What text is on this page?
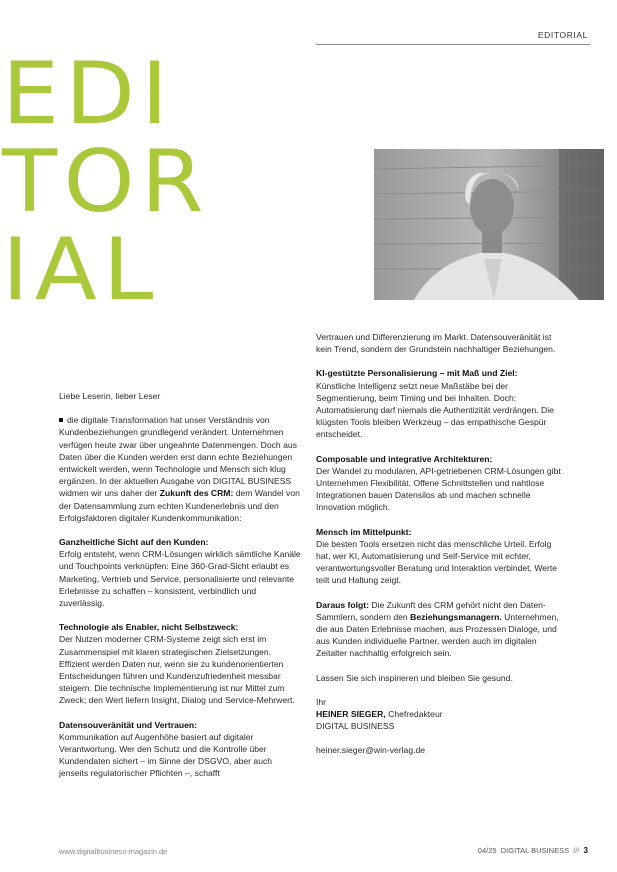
EDITORIAL
EDI
TOR
IAL

Liebe Leserin, lieber Leser

die digitale Transformation hat unser Verständnis von Kundenbeziehungen grundlegend verändert. Unternehmen verfügen heute zwar über ungeahnte Datenmengen. Doch aus Daten über die Kunden werden erst dann echte Beziehungen entwickelt werden, wenn Technologie und Mensch sich klug ergänzen. In der aktuellen Ausgabe von DIGITAL BUSINESS widmen wir uns daher der Zukunft des CRM: dem Wandel von der Datensammlung zum echten Kundenerlebnis und den Erfolgsfaktoren digitaler Kundenkommunikation:

Ganzheitliche Sicht auf den Kunden:

Erfolg entsteht, wenn CRM-Lösungen wirklich sämtliche Kanäle und Touchpoints verknüpfen: Eine 360-Grad-Sicht erlaubt es Marketing, Vertrieb und Service, personalisierte und relevante Erlebnisse zu schaffen – konsistent, verbindlich und zuverlässig.

Technologie als Enabler, nicht Selbstzweck:

Der Nutzen moderner CRM-Systeme zeigt sich erst im Zusammenspiel mit klaren strategischen Zielsetzungen. Effizient werden Daten nur, wenn sie zu kundenorientierten Entscheidungen führen und Kundenzufriedenheit messbar steigern. Die technische Implementierung ist nur Mittel zum Zweck; den Wert liefern Insight, Dialog und Service-Mehrwert.

Datensouveränität und Vertrauen:

Kommunikation auf Augenhöhe basiert auf digitaler Verantwortung. Wer den Schutz und die Kontrolle über Kundendaten sichert – im Sinne der DSGVO, aber auch jenseits regulatorischer Pflichten –, schafft

Vertrauen und Differenzierung im Markt. Datensouveränität ist kein Trend, sondern der Grundstein nachhaltiger Beziehungen.

KI-gestützte Personalisierung – mit Maß und Ziel:

Künstliche Intelligenz setzt neue Maßstäbe bei der Segmentierung, beim Timing und bei Inhalten. Doch: Automatisierung darf niemals die Authentizität verdrängen. Die klügsten Tools bleiben Werkzeug – das empathische Gespür entscheidet.

Composable und integrative Architekturen:

Der Wandel zu modularen, API-getriebenen CRM-Lösungen gibt Unternehmen Flexibilität. Offene Schnittstellen und nahtlose Integrationen bauen Datensilos ab und machen schnelle Innovation möglich.

Mensch im Mittelpunkt:

Die besten Tools ersetzen nicht das menschliche Urteil. Erfolg hat, wer KI, Automatisierung und Self-Service mit echter, verantwortungsvoller Beratung und Interaktion verbindet, Werte teilt und Haltung zeigt.

Daraus folgt: Die Zukunft des CRM gehört nicht den Daten-Sammlern, sondern den Beziehungsmanagern. Unternehmen, die aus Daten Erlebnisse machen, aus Prozessen Dialoge, und aus Kunden individuelle Partner, werden auch im digitalen Zeitalter nachhaltig erfolgreich sein.

Lassen Sie sich inspirieren und bleiben Sie gesund.

Ihr

HEINER SIEGER, Chefredakteur

DIGITAL BUSINESS

heiner.sieger@win-verlag.de

www.digitalbusiness-magazin.de	04/25 DIGITAL BUSINESS /// 3
